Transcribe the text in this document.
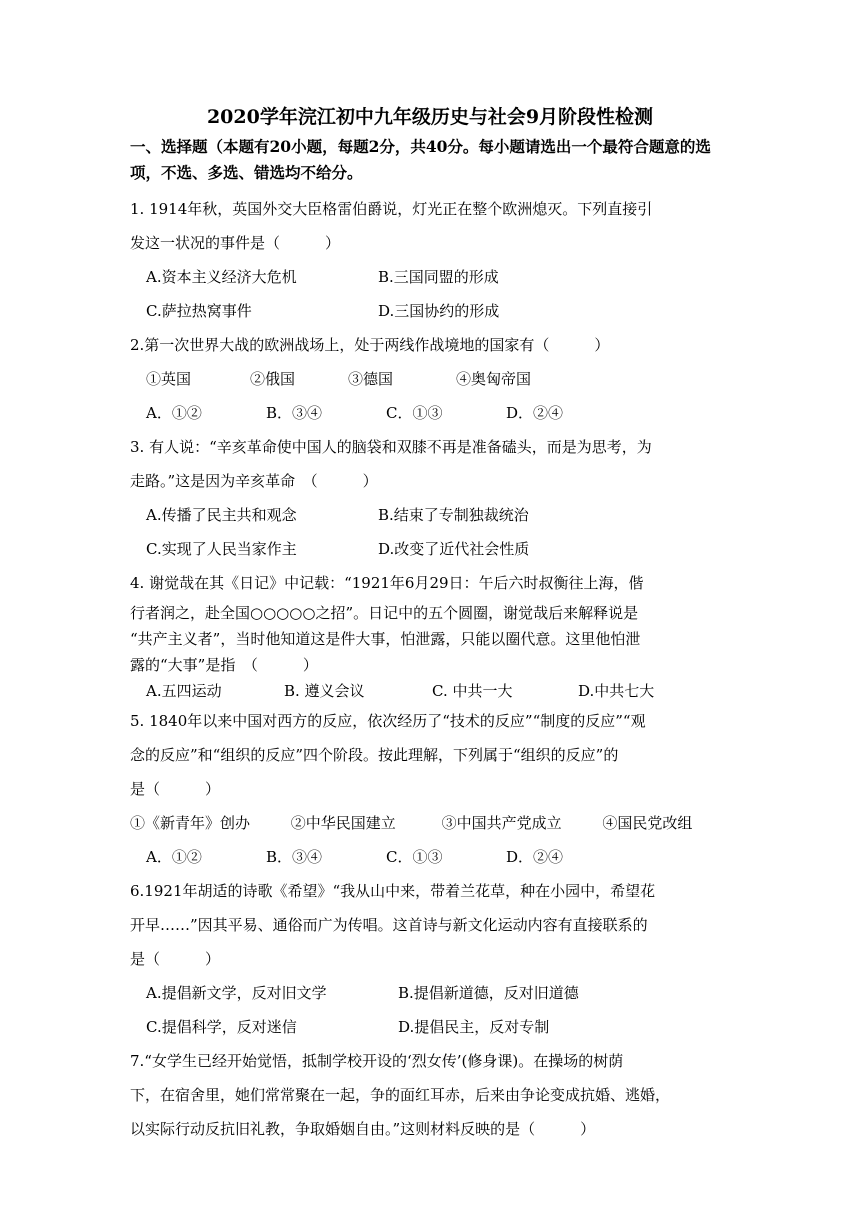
2020学年浣江初中九年级历史与社会9月阶段性检测
一、选择题（本题有20小题，每题2分，共40分。每小题请选出一个最符合题意的选项，不选、多选、错选均不给分。
1. 1914年秋，英国外交大臣格雷伯爵说，灯光正在整个欧洲熄灭。下列直接引
发这一状况的事件是（　　　）
A.资本主义经济大危机	B.三国同盟的形成
C.萨拉热窝事件	D.三国协约的形成
2.第一次世界大战的欧洲战场上，处于两线作战境地的国家有（　　　）
①英国	②俄国	③德国	④奥匈帝国
A．①②	B．③④	C．①③	D．②④
3. 有人说：“辛亥革命使中国人的脑袋和双膝不再是准备磕头，而是为思考，为
走路。”这是因为辛亥革命　（　　　）
A.传播了民主共和观念	B.结束了专制独裁统治
C.实现了人民当家作主	D.改变了近代社会性质
4. 谢觉哉在其《日记》中记载：“1921年6月29日：午后六时叔衡往上海，偕
行者润之，赴全国○○○○○之招”。日记中的五个圆圈，谢觉哉后来解释说是
“共产主义者”，当时他知道这是件大事，怕泄露，只能以圈代意。这里他怕泄
露的“大事”是指　（　　　）
A.五四运动	B. 遵义会议	C. 中共一大	D.中共七大
5. 1840年以来中国对西方的反应，依次经历了“技术的反应”“制度的反应”“观
念的反应”和“组织的反应”四个阶段。按此理解，下列属于“组织的反应”的
是（　　　）
①《新青年》创办	②中华民国建立	③中国共产党成立	④国民党改组
A．①②	B．③④	C．①③	D．②④
6.1921年胡适的诗歌《希望》“我从山中来，带着兰花草，种在小园中，希望花
开早……”因其平易、通俗而广为传唱。这首诗与新文化运动内容有直接联系的
是（　　　）
A.提倡新文学，反对旧文学	B.提倡新道德，反对旧道德
C.提倡科学，反对迷信	D.提倡民主，反对专制
7.“女学生已经开始觉悟，抵制学校开设的‘烈女传’(修身课)。在操场的树荫
下，在宿舍里，她们常常聚在一起，争的面红耳赤，后来由争论变成抗婚、逃婚，
以实际行动反抗旧礼教，争取婚姻自由。”这则材料反映的是（　　　）
